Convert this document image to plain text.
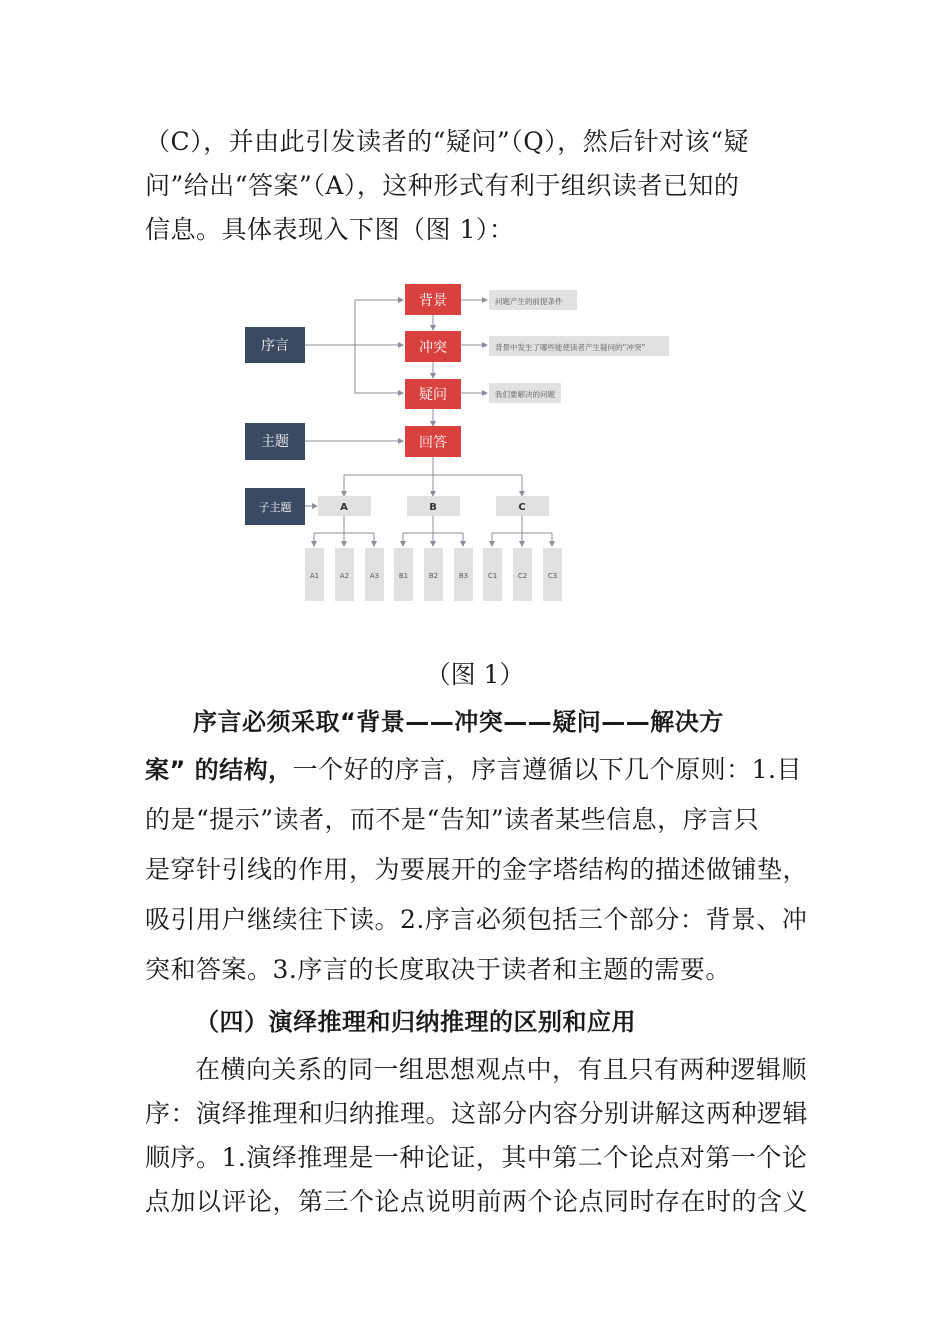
（C），并由此引发读者的“疑问”（Q），然后针对该“疑
问”给出“答案”（A），这种形式有利于组织读者已知的
信息。具体表现入下图（图 1）：
序言
主题
子主题
背景
冲突
疑问
回答
问题产生的前提条件
背景中发生了哪些能使读者产生疑问的“冲突”
我们要解决的问题
A	B	C
A1	A2	A3	B1	B2	B3	C1	C2	C3
（图 1）
序言必须采取“背景——冲突——疑问——解决方
案” 的结构，一个好的序言，序言遵循以下几个原则：1.目
的是“提示”读者，而不是“告知”读者某些信息，序言只
是穿针引线的作用，为要展开的金字塔结构的描述做铺垫，
吸引用户继续往下读。2.序言必须包括三个部分：背景、冲
突和答案。3.序言的长度取决于读者和主题的需要。
（四）演绎推理和归纳推理的区别和应用
在横向关系的同一组思想观点中，有且只有两种逻辑顺
序：演绎推理和归纳推理。这部分内容分别讲解这两种逻辑
顺序。1.演绎推理是一种论证，其中第二个论点对第一个论
点加以评论，第三个论点说明前两个论点同时存在时的含义
